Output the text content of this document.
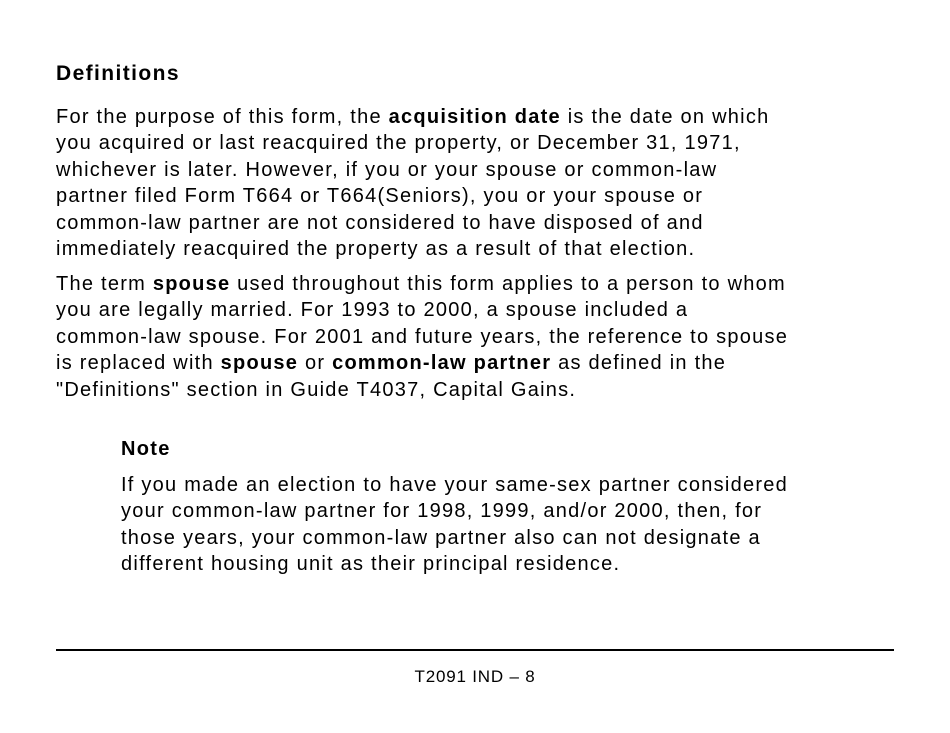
Definitions

For the purpose of this form, the acquisition date is the date on which
you acquired or last reacquired the property, or December 31, 1971,
whichever is later. However, if you or your spouse or common-law
partner filed Form T664 or T664(Seniors), you or your spouse or
common-law partner are not considered to have disposed of and
immediately reacquired the property as a result of that election.

The term spouse used throughout this form applies to a person to whom
you are legally married. For 1993 to 2000, a spouse included a
common-law spouse. For 2001 and future years, the reference to spouse
is replaced with spouse or common-law partner as defined in the
"Definitions" section in Guide T4037, Capital Gains.

Note

If you made an election to have your same-sex partner considered
your common-law partner for 1998, 1999, and/or 2000, then, for
those years, your common-law partner also can not designate a
different housing unit as their principal residence.

T2091 IND – 8
